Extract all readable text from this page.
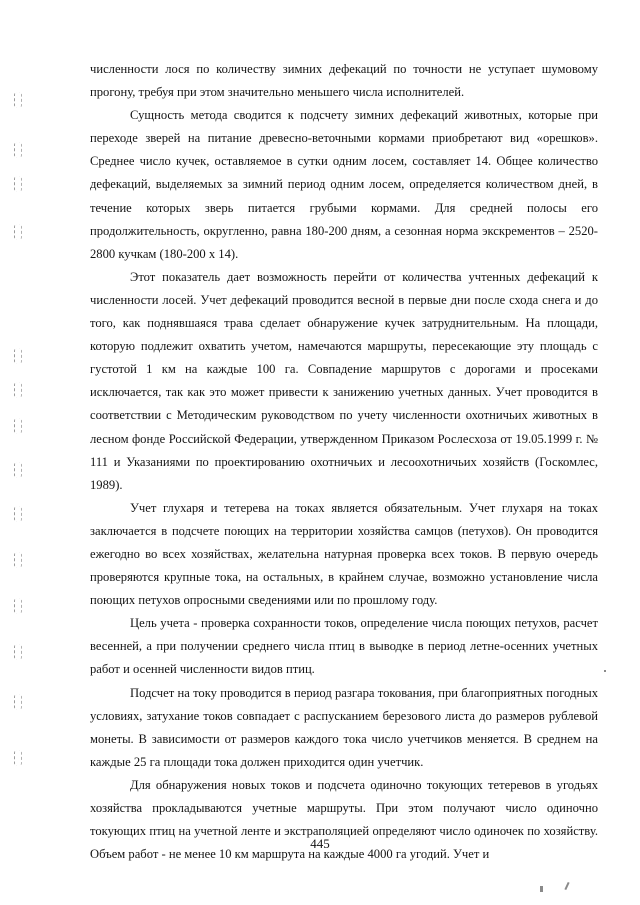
численности лося по количеству зимних дефекаций по точности не уступает шумовому прогону, требуя при этом значительно меньшего числа исполнителей.

Сущность метода сводится к подсчету зимних дефекаций животных, которые при переходе зверей на питание древесно-веточными кормами приобретают вид «орешков». Среднее число кучек, оставляемое в сутки одним лосем, составляет 14. Общее количество дефекаций, выделяемых за зимний период одним лосем, определяется количеством дней, в течение которых зверь питается грубыми кормами. Для средней полосы его продолжительность, округленно, равна 180-200 дням, а сезонная норма экскрементов – 2520-2800 кучкам (180-200 х 14).

Этот показатель дает возможность перейти от количества учтенных дефекаций к численности лосей. Учет дефекаций проводится весной в первые дни после схода снега и до того, как поднявшаяся трава сделает обнаружение кучек затруднительным. На площади, которую подлежит охватить учетом, намечаются маршруты, пересекающие эту площадь с густотой 1 км на каждые 100 га. Совпадение маршрутов с дорогами и просеками исключается, так как это может привести к занижению учетных данных. Учет проводится в соответствии с Методическим руководством по учету численности охотничьих животных в лесном фонде Российской Федерации, утвержденном Приказом Рослесхоза от 19.05.1999 г. № 111 и Указаниями по проектированию охотничьих и лесоохотничьих хозяйств (Госкомлес, 1989).

Учет глухаря и тетерева на токах является обязательным. Учет глухаря на токах заключается в подсчете поющих на территории хозяйства самцов (петухов). Он проводится ежегодно во всех хозяйствах, желательна натурная проверка всех токов. В первую очередь проверяются крупные тока, на остальных, в крайнем случае, возможно установление числа поющих петухов опросными сведениями или по прошлому году.

Цель учета - проверка сохранности токов, определение числа поющих петухов, расчет весенней, а при получении среднего числа птиц в выводке в период летне-осенних учетных работ и осенней численности видов птиц.

Подсчет на току проводится в период разгара токования, при благоприятных погодных условиях, затухание токов совпадает с распусканием березового листа до размеров рублевой монеты. В зависимости от размеров каждого тока число учетчиков меняется. В среднем на каждые 25 га площади тока должен приходится один учетчик.

Для обнаружения новых токов и подсчета одиночно токующих тетеревов в угодьях хозяйства прокладываются учетные маршруты. При этом получают число одиночно токующих птиц на учетной ленте и экстраполяцией определяют число одиночек по хозяйству. Объем работ - не менее 10 км маршрута на каждые 4000 га угодий. Учет и

445
